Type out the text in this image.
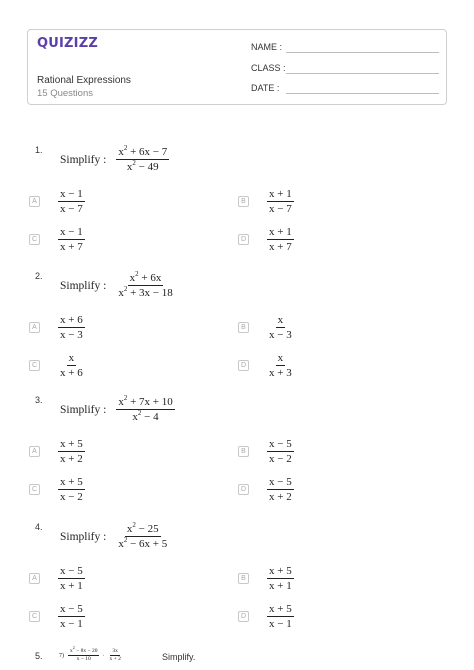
QUIZIZZ
Rational Expressions
15 Questions
NAME :
CLASS :
DATE :
1.
Simplify : $\frac{x^2 + 6x - 7}{x^2 - 49}$
A $\frac{x - 1}{x - 7}$	B $\frac{x + 1}{x - 7}$
C $\frac{x - 1}{x + 7}$	D $\frac{x + 1}{x + 7}$
2.
Simplify : $\frac{x^2 + 6x}{x^2 + 3x - 18}$
A $\frac{x + 6}{x - 3}$	B $\frac{x}{x - 3}$
C $\frac{x}{x + 6}$	D $\frac{x}{x + 3}$
3.
Simplify : $\frac{x^2 + 7x + 10}{x^2 - 4}$
A $\frac{x + 5}{x + 2}$	B $\frac{x - 5}{x - 2}$
C $\frac{x + 5}{x - 2}$	D $\frac{x - 5}{x + 2}$
4.
Simplify : $\frac{x^2 - 25}{x^2 - 6x + 5}$
A $\frac{x - 5}{x + 1}$	B $\frac{x + 5}{x + 1}$
C $\frac{x - 5}{x - 1}$	D $\frac{x + 5}{x - 1}$
5.	$7) \frac{x^2 - 8x - 20}{x - 10} \cdot \frac{3x}{x + 2}$	Simplify.
